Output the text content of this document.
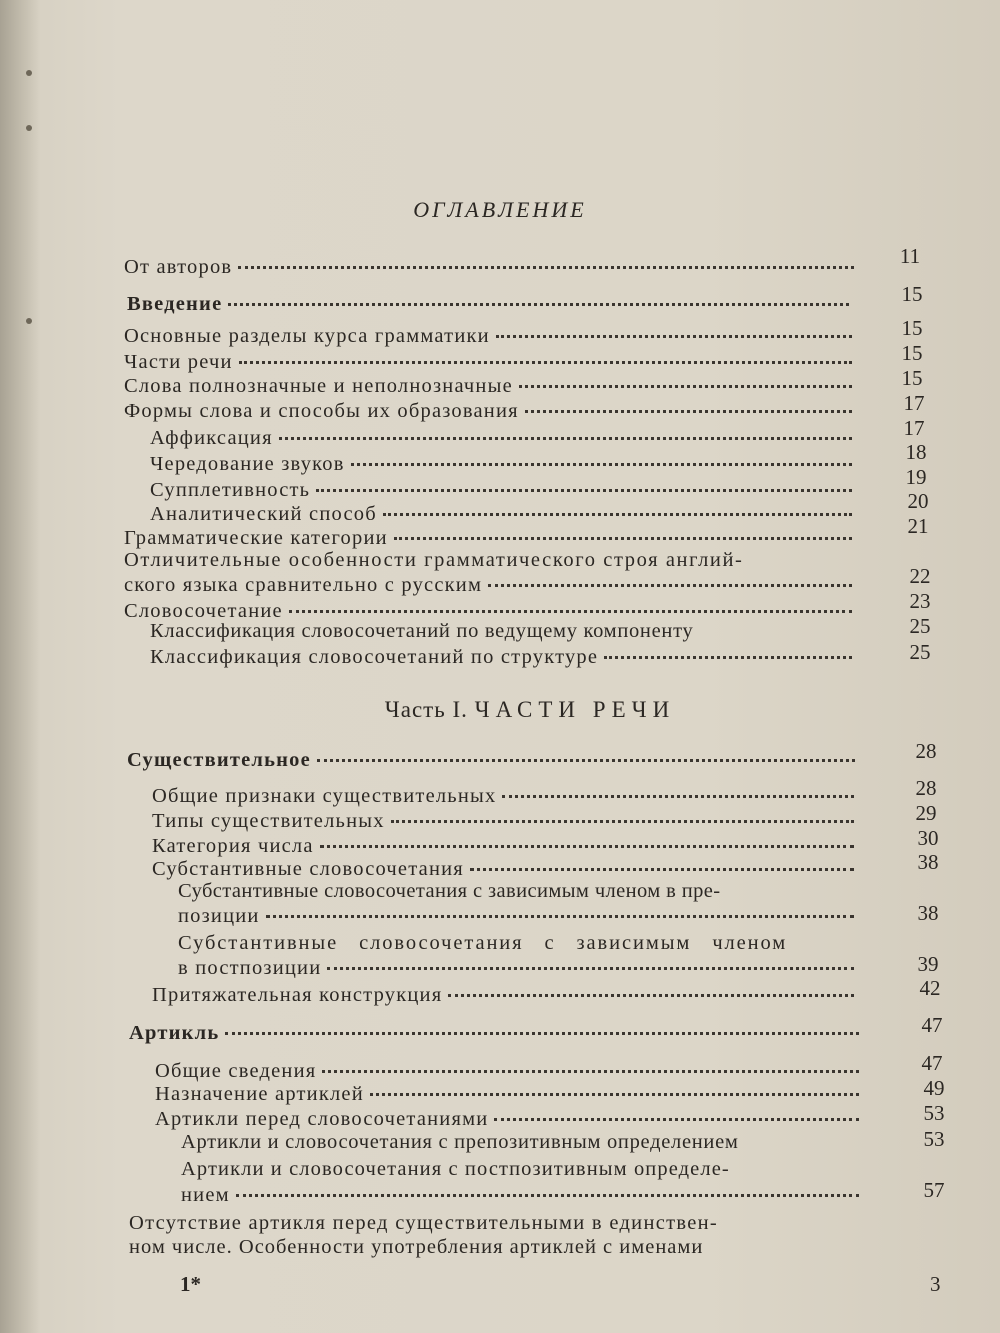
ОГЛАВЛЕНИЕ
Часть I. ЧАСТИ РЕЧИ
От авторов
Введение
Основные разделы курса грамматики
Части речи
Слова полнозначные и неполнозначные
Формы слова и способы их образования
Аффиксация
Чередование звуков
Супплетивность
Аналитический способ
Грамматические категории
Отличительные особенности грамматического строя англий-
ского языка сравнительно с русским
Словосочетание
Классификация словосочетаний по ведущему компоненту
Классификация словосочетаний по структуре
Существительное
Общие признаки существительных
Типы существительных
Категория числа
Субстантивные словосочетания
Субстантивные словосочетания с зависимым членом в пре-
позиции
Субстантивные словосочетания с зависимым членом
в постпозиции
Притяжательная конструкция
Артикль
Общие сведения
Назначение артиклей
Артикли перед словосочетаниями
Артикли и словосочетания с препозитивным определением
Артикли и словосочетания с постпозитивным определе-
нием
Отсутствие артикля перед существительными в единствен-
ном числе. Особенности употребления артиклей с именами
11
15
15
15
15
17
17
18
19
20
21
22
23
25
25
28
28
29
30
38
38
39
42
47
47
49
53
53
57
1*	3
